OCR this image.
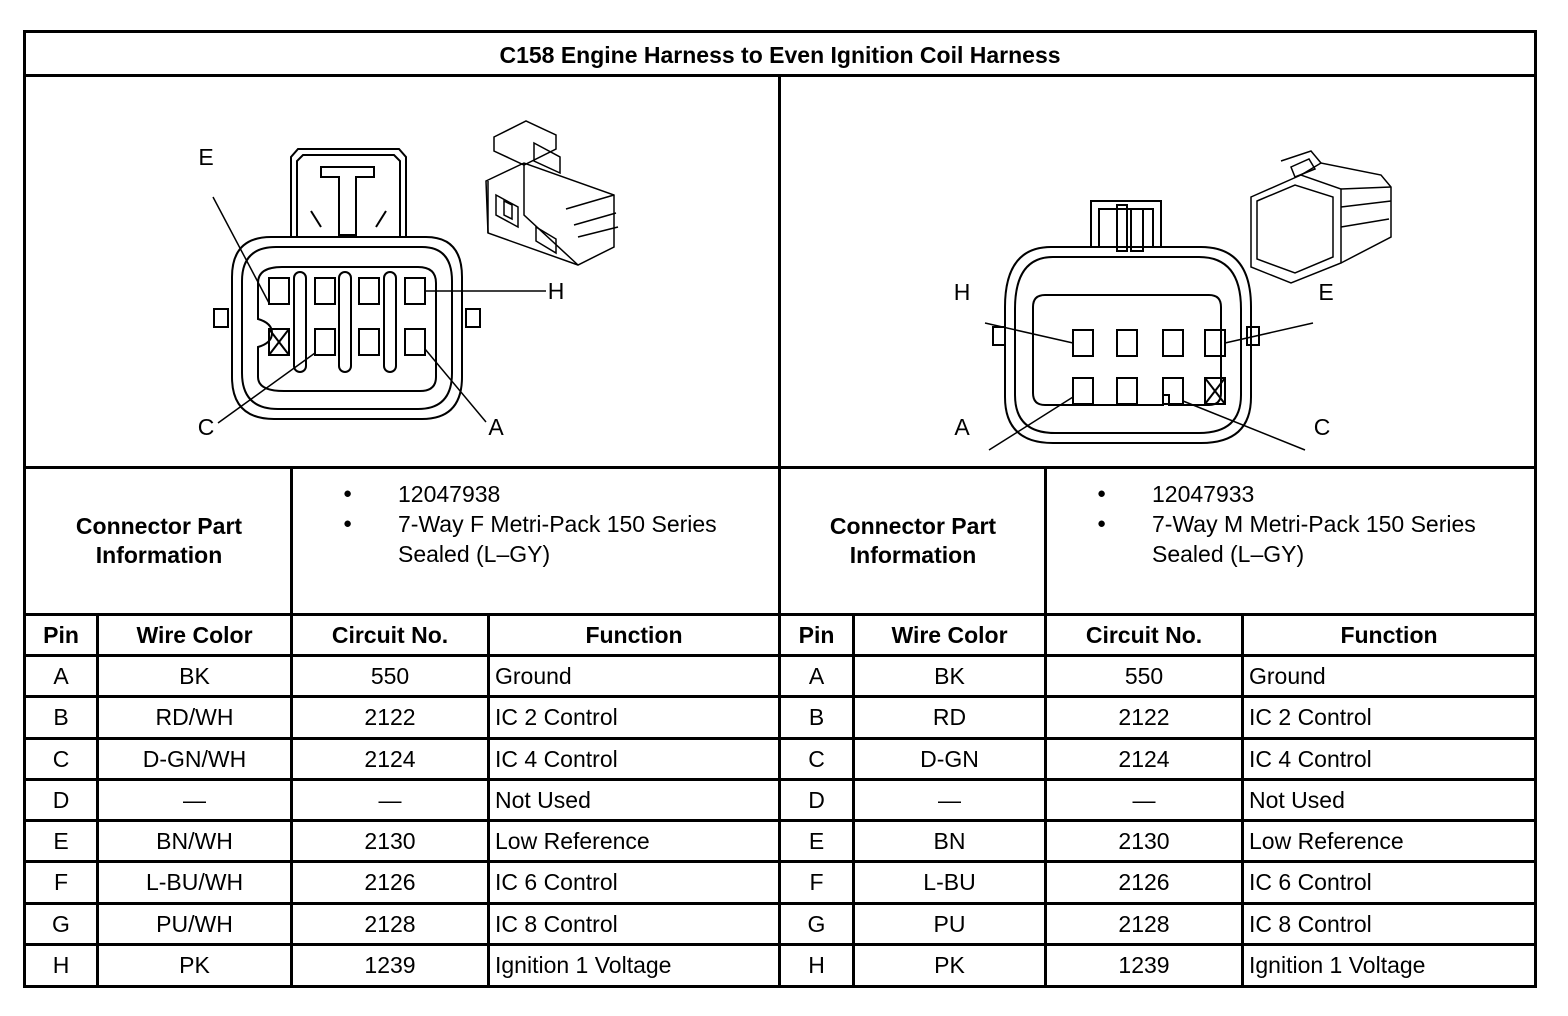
C158 Engine Harness to Even Ignition Coil Harness
E
H
C	A
H	E
A	C
Connector Part Information
● 12047938
● 7-Way F Metri-Pack 150 Series Sealed (L–GY)
Connector Part Information
● 12047933
● 7-Way M Metri-Pack 150 Series Sealed (L–GY)
Pin	Wire Color	Circuit No.	Function
A	BK	550	Ground
B	RD/WH	2122	IC 2 Control
C	D-GN/WH	2124	IC 4 Control
D	—	—	Not Used
E	BN/WH	2130	Low Reference
F	L-BU/WH	2126	IC 6 Control
G	PU/WH	2128	IC 8 Control
H	PK	1239	Ignition 1 Voltage
Pin	Wire Color	Circuit No.	Function
A	BK	550	Ground
B	RD	2122	IC 2 Control
C	D-GN	2124	IC 4 Control
D	—	—	Not Used
E	BN	2130	Low Reference
F	L-BU	2126	IC 6 Control
G	PU	2128	IC 8 Control
H	PK	1239	Ignition 1 Voltage
